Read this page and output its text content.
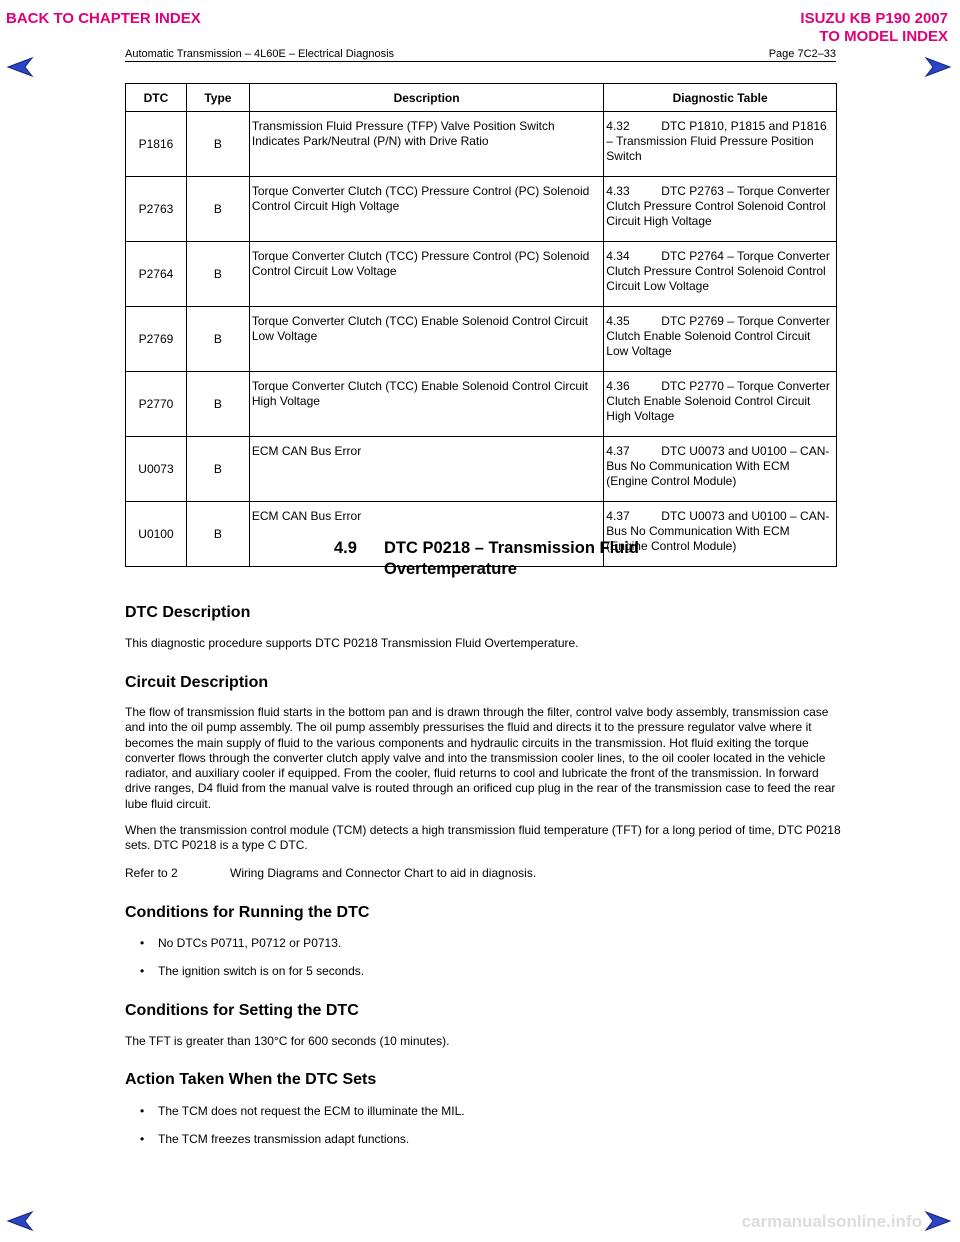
BACK TO CHAPTER INDEX	ISUZU KB P190 2007
TO MODEL INDEX
Automatic Transmission – 4L60E – Electrical Diagnosis	Page 7C2–33
DTC	Type	Description	Diagnostic Table
P1816	B	Transmission Fluid Pressure (TFP) Valve Position Switch Indicates Park/Neutral (P/N) with Drive Ratio	4.32 DTC P1810, P1815 and P1816 – Transmission Fluid Pressure Position Switch
P2763	B	Torque Converter Clutch (TCC) Pressure Control (PC) Solenoid Control Circuit High Voltage	4.33 DTC P2763 – Torque Converter Clutch Pressure Control Solenoid Control Circuit High Voltage
P2764	B	Torque Converter Clutch (TCC) Pressure Control (PC) Solenoid Control Circuit Low Voltage	4.34 DTC P2764 – Torque Converter Clutch Pressure Control Solenoid Control Circuit Low Voltage
P2769	B	Torque Converter Clutch (TCC) Enable Solenoid Control Circuit Low Voltage	4.35 DTC P2769 – Torque Converter Clutch Enable Solenoid Control Circuit Low Voltage
P2770	B	Torque Converter Clutch (TCC) Enable Solenoid Control Circuit High Voltage	4.36 DTC P2770 – Torque Converter Clutch Enable Solenoid Control Circuit High Voltage
U0073	B	ECM CAN Bus Error	4.37 DTC U0073 and U0100 – CAN-Bus No Communication With ECM (Engine Control Module)
U0100	B	ECM CAN Bus Error	4.37 DTC U0073 and U0100 – CAN-Bus No Communication With ECM (Engine Control Module)
4.9 DTC P0218 – Transmission Fluid
Overtemperature
DTC Description

This diagnostic procedure supports DTC P0218 Transmission Fluid Overtemperature.

Circuit Description

The flow of transmission fluid starts in the bottom pan and is drawn through the filter, control valve body assembly, transmission case and into the oil pump assembly. The oil pump assembly pressurises the fluid and directs it to the pressure regulator valve where it becomes the main supply of fluid to the various components and hydraulic circuits in the transmission. Hot fluid exiting the torque converter flows through the converter clutch apply valve and into the transmission cooler lines, to the oil cooler located in the vehicle radiator, and auxiliary cooler if equipped. From the cooler, fluid returns to cool and lubricate the front of the transmission. In forward drive ranges, D4 fluid from the manual valve is routed through an orificed cup plug in the rear of the transmission case to feed the rear lube fluid circuit.

When the transmission control module (TCM) detects a high transmission fluid temperature (TFT) for a long period of time, DTC P0218 sets. DTC P0218 is a type C DTC.

Refer to 2	Wiring Diagrams and Connector Chart to aid in diagnosis.

Conditions for Running the DTC

• No DTCs P0711, P0712 or P0713.

• The ignition switch is on for 5 seconds.

Conditions for Setting the DTC

The TFT is greater than 130°C for 600 seconds (10 minutes).

Action Taken When the DTC Sets

• The TCM does not request the ECM to illuminate the MIL.

• The TCM freezes transmission adapt functions.

carmanualsonline.info
